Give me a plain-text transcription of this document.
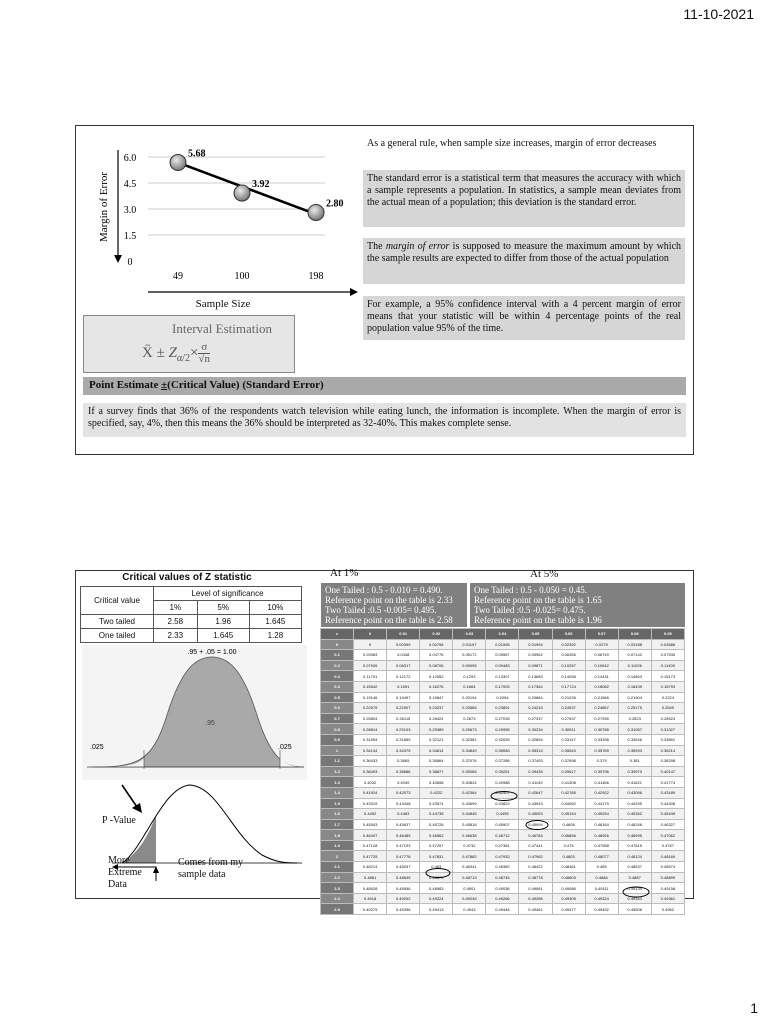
11-10-2021
1
6.0
4.5
3.0
1.5
0
5.68
3.92
2.80
49	100	198
Margin of Error
Sample Size
Interval Estimation
X̄ ± $Z_{\alpha/2}\times \frac{\sigma}{√n}$
As a general rule, when sample size increases, margin of error decreases
The standard error is a statistical term that measures the accuracy with which a sample represents a population. In statistics, a sample mean deviates from the actual mean of a population; this deviation is the standard error.
The margin of error is supposed to measure the maximum amount by which the sample results are expected to differ from those of the actual population
For example, a 95% confidence interval with a 4 percent margin of error means that your statistic will be within 4 percentage points of the real population value 95% of the time.
Point Estimate ±(Critical Value) (Standard Error)
If a survey finds that 36% of the respondents watch television while eating lunch, the information is incomplete. When the margin of error is specified, say, 4%, then this means the 36% should be interpreted as 32-40%. This makes complete sense.
Critical values of Z statistic
Critical value	Level of significance		
	1%	5%	10%
Two tailed	2.58	1.96	1.645
One tailed	2.33	1.645	1.28
.95 + .05 = 1.00
.95
.025	.025
P -Value
More Extreme Data
Comes from my sample data
At 1%	At 5%
One Tailed : 0.5 - 0.010 = 0.490.
Reference point on the table is 2.33
Two Tailed :0.5 -0.005= 0.495.
Reference point on the table is 2.58
One Tailed : 0.5 - 0.050 = 0.45.
Reference point on the table is 1.65
Two Tailed :0.5 -0.025= 0.475.
Reference point on the table is 1.96
z	0	0.01	0.02	0.03	0.04	0.05	0.06	0.07	0.08	0.09
0	0	0.00399	0.00798	0.01197	0.01595	0.01994	0.02392	0.0279	0.03188	0.03586
0.1	0.03983	0.0438	0.04776	0.05172	0.05567	0.05962	0.06356	0.06749	0.07142	0.07535
0.2	0.07926	0.08317	0.08706	0.09095	0.09483	0.09871	0.10257	0.10642	0.11026	0.11409
0.3	0.11791	0.12172	0.12552	0.1293	0.13307	0.13683	0.14058	0.14431	0.14803	0.15173
0.4	0.15542	0.1591	0.16276	0.1664	0.17003	0.17364	0.17724	0.18082	0.18439	0.18793
0.5	0.19146	0.19497	0.19847	0.20194	0.2054	0.20884	0.21226	0.21566	0.21904	0.2224
0.6	0.22575	0.22907	0.23237	0.23565	0.23891	0.24215	0.24537	0.24857	0.25175	0.2549
0.7	0.25804	0.26115	0.26424	0.2673	0.27035	0.27337	0.27637	0.27935	0.2823	0.28524
0.8	0.28814	0.29103	0.29389	0.29673	0.29955	0.30234	0.30511	0.30785	0.31057	0.31327
0.9	0.31594	0.31859	0.32121	0.32381	0.32639	0.32894	0.33147	0.33398	0.33646	0.33891
1	0.34134	0.34375	0.34614	0.34849	0.35083	0.35314	0.35543	0.35769	0.35993	0.36214
1.1	0.36433	0.3665	0.36864	0.37076	0.37286	0.37493	0.37698	0.379	0.381	0.38298
1.2	0.38493	0.38686	0.38877	0.39065	0.39251	0.39435	0.39617	0.39796	0.39973	0.40147
1.3	0.4032	0.4049	0.40658	0.40824	0.40988	0.41149	0.41308	0.41466	0.41621	0.41774
1.4	0.41924	0.42073	0.4222	0.42364	0.42507	0.42647	0.42785	0.42922	0.43056	0.43189
1.5	0.43319	0.43448	0.43574	0.43699	0.43822	0.43943	0.44062	0.44179	0.44295	0.44408
1.6	0.4452	0.4463	0.44738	0.44845	0.4495	0.45053	0.45154	0.45254	0.45352	0.45449
1.7	0.45543	0.45637	0.45728	0.45818	0.45907	0.45994	0.4608	0.46164	0.46246	0.46327
1.8	0.46407	0.46485	0.46562	0.46638	0.46712	0.46784	0.46856	0.46926	0.46995	0.47062
1.9	0.47128	0.47193	0.47257	0.4732	0.47381	0.47441	0.475	0.47558	0.47615	0.4767
2	0.47725	0.47778	0.47831	0.47882	0.47932	0.47982	0.4803	0.48077	0.48124	0.48169
2.1	0.48214	0.48257	0.483	0.48341	0.48382	0.48422	0.48461	0.485	0.48537	0.48574
2.2	0.4861	0.48645	0.48679	0.48713	0.48745	0.48778	0.48809	0.4884	0.4887	0.48899
2.3	0.48928	0.48956	0.48983	0.4901	0.49036	0.49061	0.49086	0.49111	0.49134	0.49158
2.4	0.4918	0.49202	0.49224	0.49245	0.49266	0.49286	0.49305	0.49324	0.49343	0.49361
2.5	0.49379	0.49396	0.49413	0.4943	0.49446	0.49461	0.49477	0.49492	0.49506	0.4952
